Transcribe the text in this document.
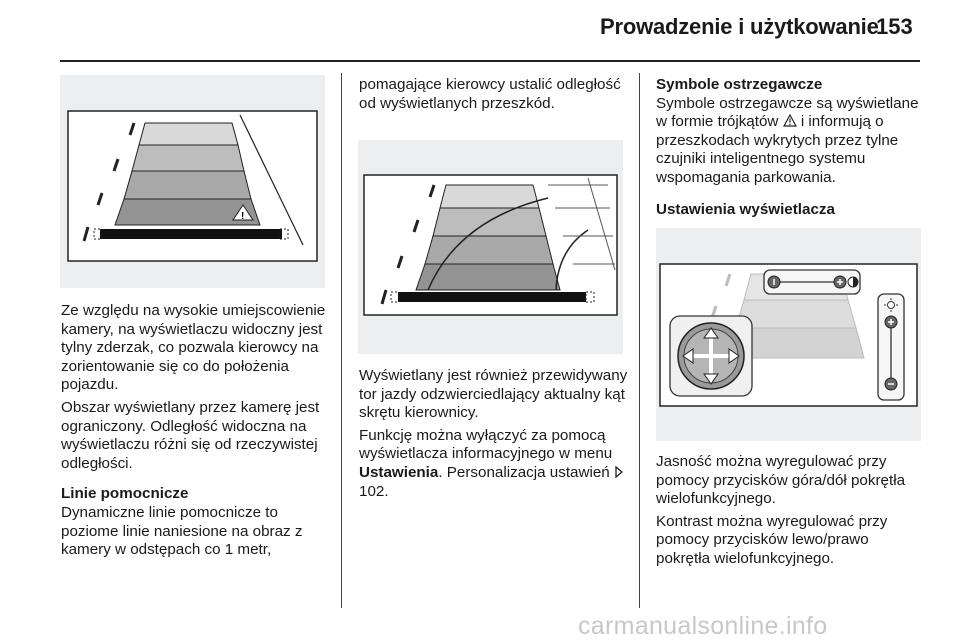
Prowadzenie i użytkowanie
153
!

Ze względu na wysokie umiejscowienie kamery, na wyświetlaczu widoczny jest tylny zderzak, co pozwala kierowcy na zorientowanie się co do położenia pojazdu.

Obszar wyświetlany przez kamerę jest ograniczony. Odległość widoczna na wyświetlaczu różni się od rzeczywistej odległości.

Linie pomocnicze

Dynamiczne linie pomocnicze to poziome linie naniesione na obraz z kamery w odstępach co 1 metr,

pomagające kierowcy ustalić odległość od wyświetlanych przeszkód.

Wyświetlany jest również przewidywany tor jazdy odzwierciedlający aktualny kąt skrętu kierownicy.

Funkcję można wyłączyć za pomocą wyświetlacza informacyjnego w menu Ustawienia. Personalizacja ustawień  102.

Symbole ostrzegawcze

Symbole ostrzegawcze są wyświetlane w formie trójkątów  i informują o przeszkodach wykrytych przez tylne czujniki inteligentnego systemu wspomagania parkowania.

Ustawienia wyświetlacza

Jasność można wyregulować przy pomocy przycisków góra/dół pokrętła wielofunkcyjnego.

Kontrast można wyregulować przy pomocy przycisków lewo/prawo pokrętła wielofunkcyjnego.

carmanualsonline.info
